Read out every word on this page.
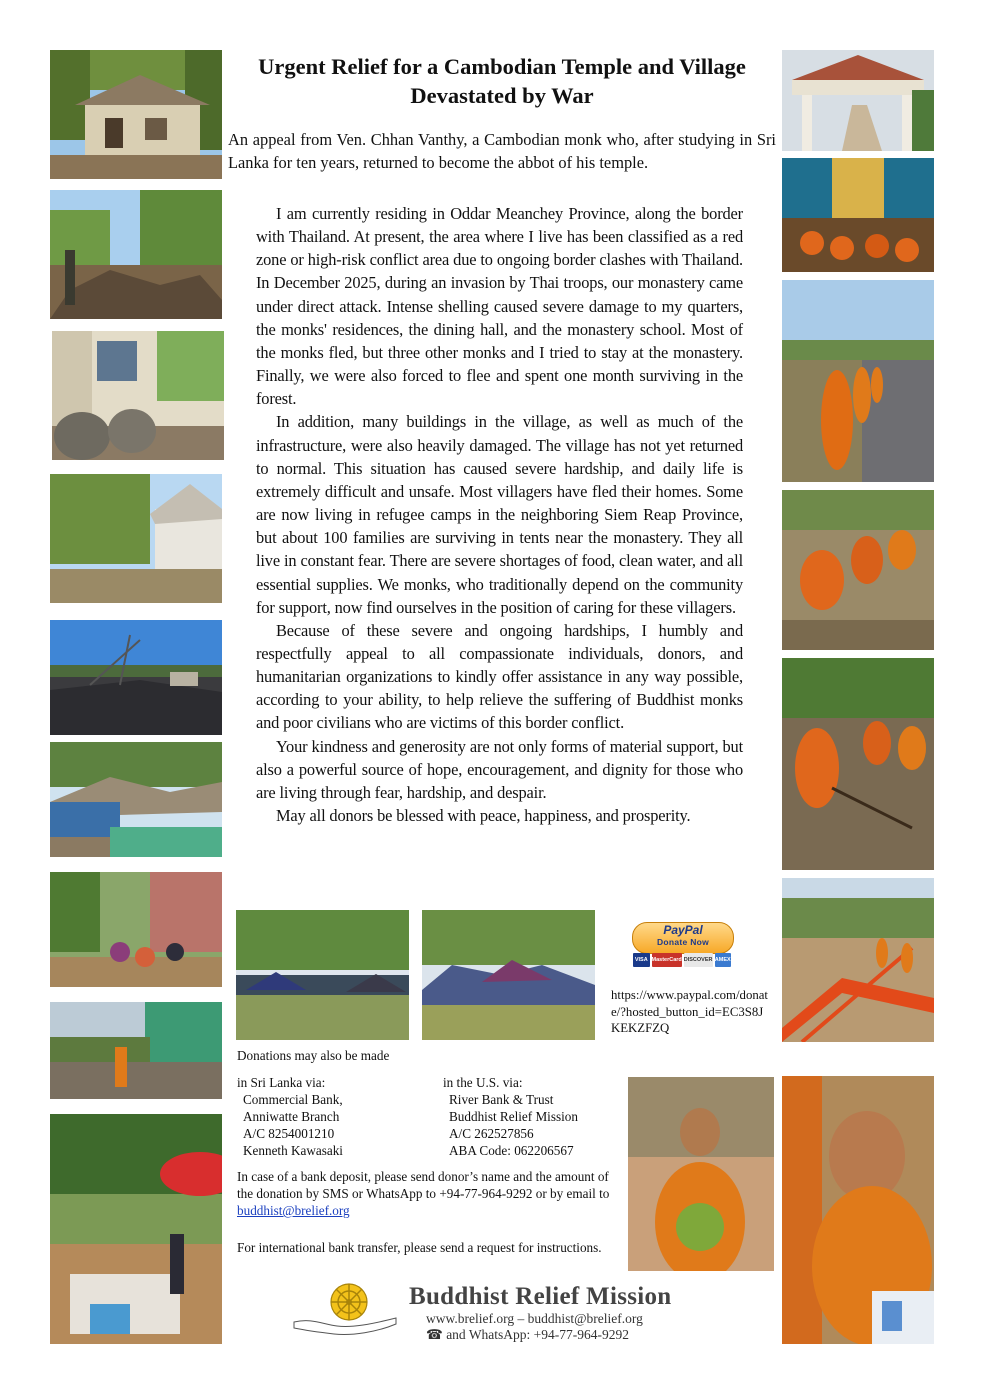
Urgent Relief for a Cambodian Temple and Village Devastated by War

An appeal from Ven. Chhan Vanthy, a Cambodian monk who, after studying in Sri Lanka for ten years, returned to become the abbot of his temple.

I am currently residing in Oddar Meanchey Province, along the border with Thailand. At present, the area where I live has been classified as a red zone or high-risk conflict area due to ongoing border clashes with Thailand. In December 2025, during an invasion by Thai troops, our monastery came under direct attack. Intense shelling caused severe damage to my quarters, the monks' residences, the dining hall, and the monastery school. Most of the monks fled, but three other monks and I tried to stay at the monastery. Finally, we were also forced to flee and spent one month surviving in the forest.

In addition, many buildings in the village, as well as much of the infrastructure, were also heavily damaged. The village has not yet returned to normal. This situation has caused severe hardship, and daily life is extremely difficult and unsafe. Most villagers have fled their homes. Some are now living in refugee camps in the neighboring Siem Reap Province, but about 100 families are surviving in tents near the monastery. They all live in constant fear. There are severe shortages of food, clean water, and all essential supplies. We monks, who traditionally depend on the community for support, now find ourselves in the position of caring for these villagers.

Because of these severe and ongoing hardships, I humbly and respectfully appeal to all compassionate individuals, donors, and humanitarian organizations to kindly offer assistance in any way possible, according to your ability, to help relieve the suffering of Buddhist monks and poor civilians who are victims of this border conflict.

Your kindness and generosity are not only forms of material support, but also a powerful source of hope, encouragement, and dignity for those who are living through fear, hardship, and despair.

May all donors be blessed with peace, happiness, and prosperity.

PayPal
Donate Now
VISA MasterCard DISCOVER AMEX
https://www.paypal.com/donate/?hosted_button_id=EC3S8JKEKZFZQ
Donations may also be made
in Sri Lanka via:
Commercial Bank,
Anniwatte Branch
A/C 8254001210
Kenneth Kawasaki
in the U.S. via:
River Bank & Trust
Buddhist Relief Mission
A/C 262527856
ABA Code: 062206567
In case of a bank deposit, please send donor’s name and the amount of the donation by SMS or WhatsApp to +94-77-964-9292 or by email to buddhist@brelief.org
For international bank transfer, please send a request for instructions.
Buddhist Relief Mission
www.brelief.org – buddhist@brelief.org
☎ and WhatsApp: +94-77-964-9292
